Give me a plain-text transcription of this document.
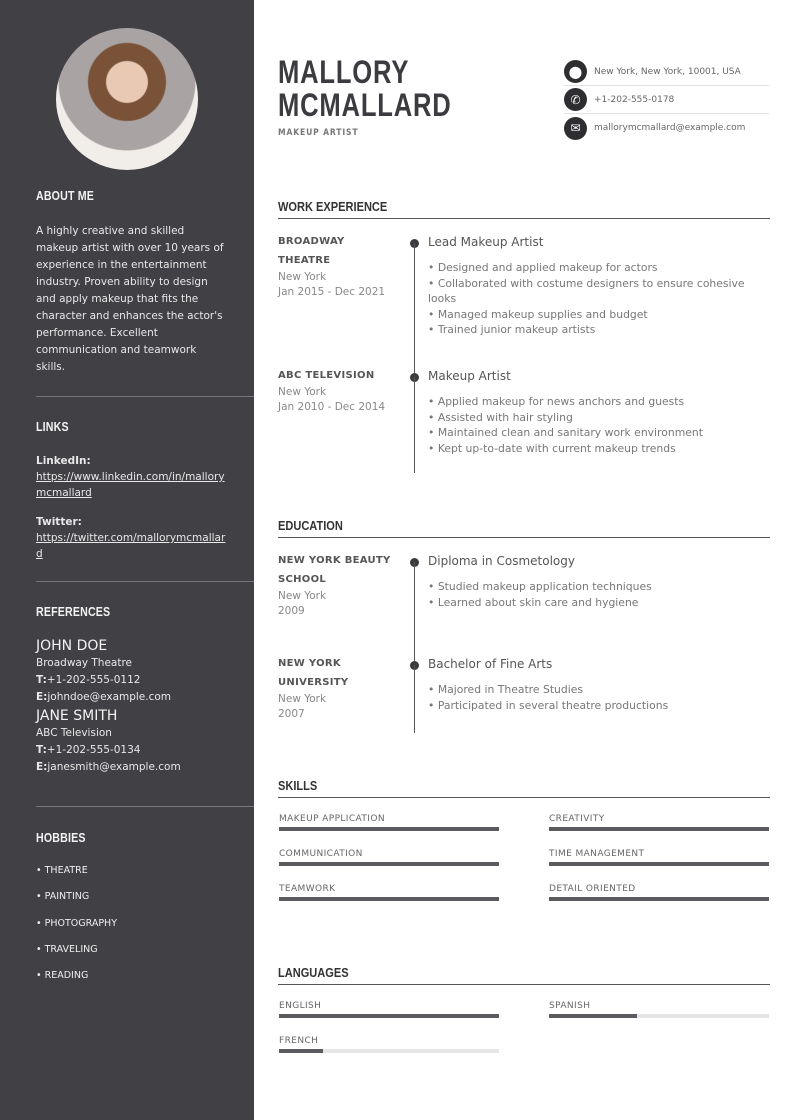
ABOUT ME
A highly creative and skilled makeup artist with over 10 years of experience in the entertainment industry. Proven ability to design and apply makeup that fits the character and enhances the actor's performance. Excellent communication and teamwork skills.
LINKS
LinkedIn:
https://www.linkedin.com/in/mallorymcmallard
Twitter:
https://twitter.com/mallorymcmallard
REFERENCES
JOHN DOE
Broadway Theatre
T:+1-202-555-0112
E:johndoe@example.com
JANE SMITH
ABC Television
T:+1-202-555-0134
E:janesmith@example.com
HOBBIES
• THEATRE
• PAINTING
• PHOTOGRAPHY
• TRAVELING
• READING
MALLORY
MCMALLARD
MAKEUP ARTIST
⬤	New York, New York, 10001, USA
✆	+1-202-555-0178
✉	mallorymcmallard@example.com
WORK EXPERIENCE
BROADWAY THEATRE
New York
Jan 2015 - Dec 2021
Lead Makeup Artist
• Designed and applied makeup for actors
• Collaborated with costume designers to ensure cohesive looks
• Managed makeup supplies and budget
• Trained junior makeup artists
ABC TELEVISION
New York
Jan 2010 - Dec 2014
Makeup Artist
• Applied makeup for news anchors and guests
• Assisted with hair styling
• Maintained clean and sanitary work environment
• Kept up-to-date with current makeup trends
EDUCATION
NEW YORK BEAUTY SCHOOL
New York
2009
Diploma in Cosmetology
• Studied makeup application techniques
• Learned about skin care and hygiene
NEW YORK UNIVERSITY
New York
2007
Bachelor of Fine Arts
• Majored in Theatre Studies
• Participated in several theatre productions
SKILLS
MAKEUP APPLICATION	CREATIVITY
COMMUNICATION	TIME MANAGEMENT
TEAMWORK	DETAIL ORIENTED
LANGUAGES
ENGLISH	SPANISH
FRENCH
